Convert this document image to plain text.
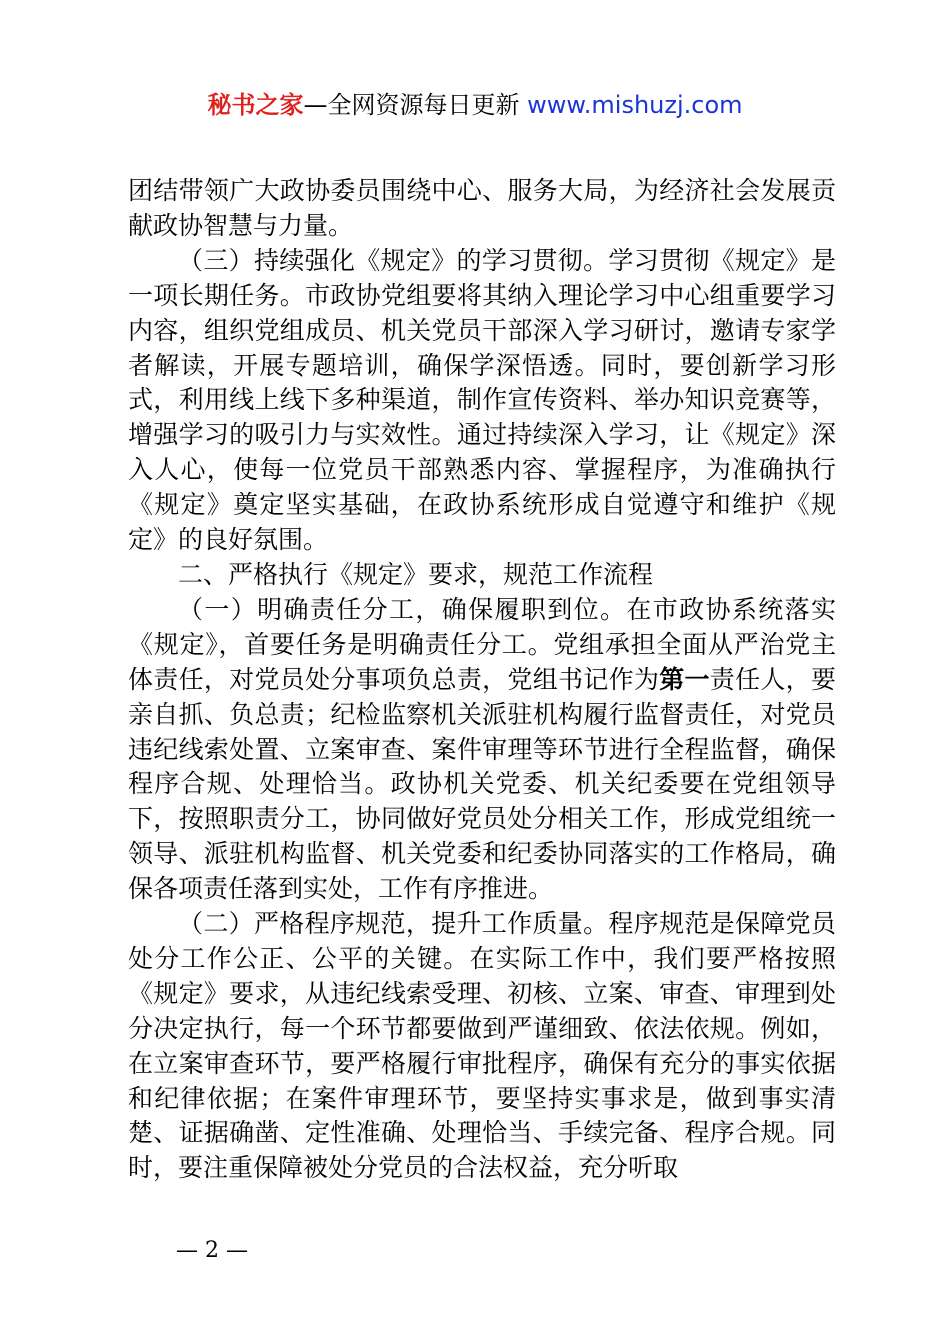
秘书之家—全网资源每日更新 www.mishuzj.com

团结带领广大政协委员围绕中心、服务大局，为经济社会发展贡献政协智慧与力量。

（三）持续强化《规定》的学习贯彻。学习贯彻《规定》是一项长期任务。市政协党组要将其纳入理论学习中心组重要学习内容，组织党组成员、机关党员干部深入学习研讨，邀请专家学者解读，开展专题培训，确保学深悟透。同时，要创新学习形式，利用线上线下多种渠道，制作宣传资料、举办知识竞赛等，增强学习的吸引力与实效性。通过持续深入学习，让《规定》深入人心，使每一位党员干部熟悉内容、掌握程序，为准确执行《规定》奠定坚实基础，在政协系统形成自觉遵守和维护《规定》的良好氛围。

二、严格执行《规定》要求，规范工作流程

（一）明确责任分工，确保履职到位。在市政协系统落实《规定》，首要任务是明确责任分工。党组承担全面从严治党主体责任，对党员处分事项负总责，党组书记作为第一责任人，要亲自抓、负总责；纪检监察机关派驻机构履行监督责任，对党员违纪线索处置、立案审查、案件审理等环节进行全程监督，确保程序合规、处理恰当。政协机关党委、机关纪委要在党组领导下，按照职责分工，协同做好党员处分相关工作，形成党组统一领导、派驻机构监督、机关党委和纪委协同落实的工作格局，确保各项责任落到实处，工作有序推进。

（二）严格程序规范，提升工作质量。程序规范是保障党员处分工作公正、公平的关键。在实际工作中，我们要严格按照《规定》要求，从违纪线索受理、初核、立案、审查、审理到处分决定执行，每一个环节都要做到严谨细致、依法依规。例如，在立案审查环节，要严格履行审批程序，确保有充分的事实依据和纪律依据；在案件审理环节，要坚持实事求是，做到事实清楚、证据确凿、定性准确、处理恰当、手续完备、程序合规。同时，要注重保障被处分党员的合法权益，充分听取

— 2 —
